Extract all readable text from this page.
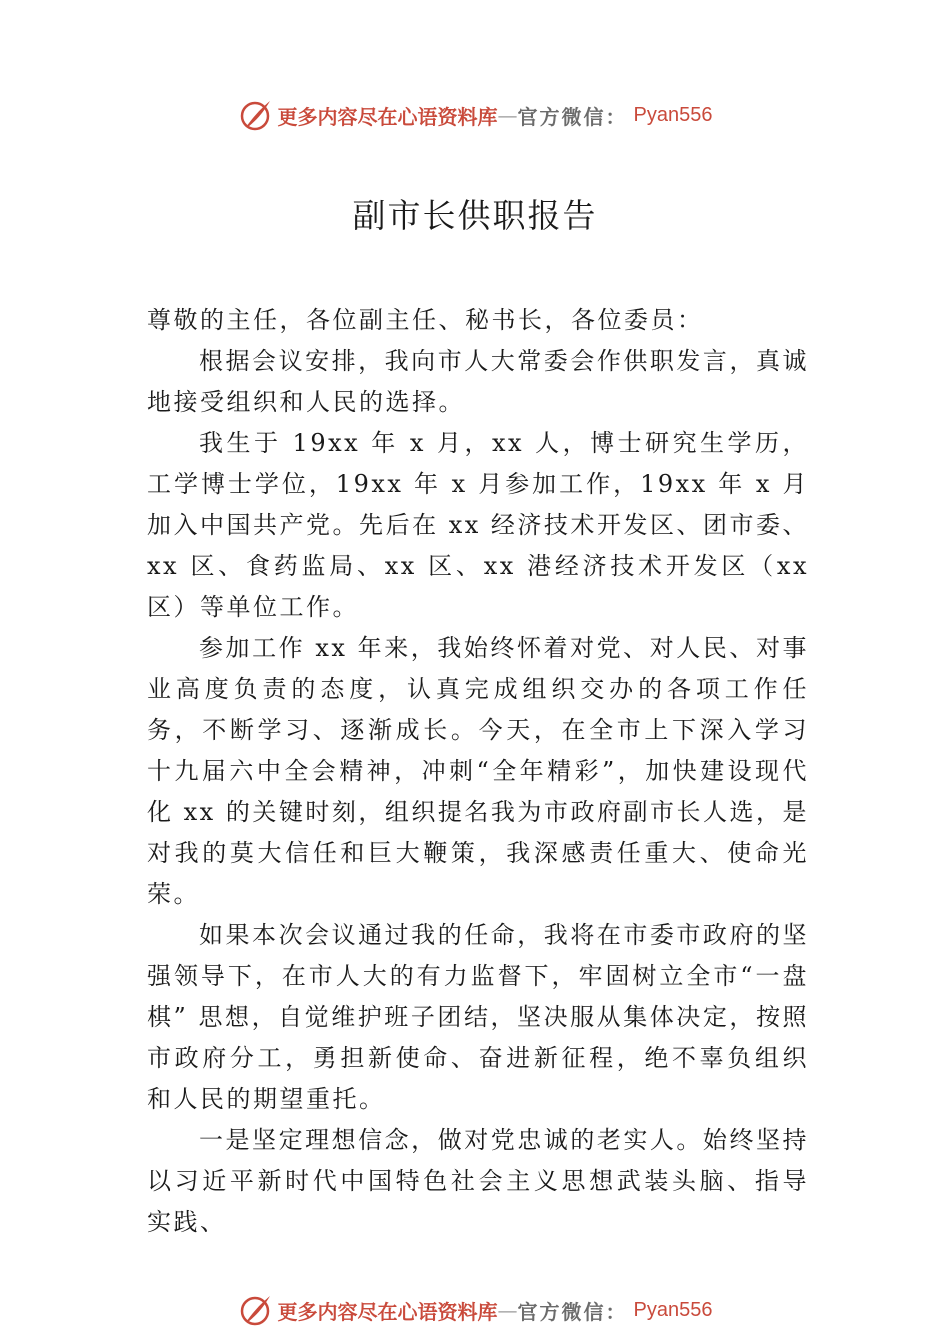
更多内容尽在心语资料库 — 官方微信： Pyan556
副市长供职报告

尊敬的主任，各位副主任、秘书长，各位委员：

根据会议安排，我向市人大常委会作供职发言，真诚地接受组织和人民的选择。

我生于 19xx 年 x 月，xx 人，博士研究生学历，工学博士学位，19xx 年 x 月参加工作，19xx 年 x 月加入中国共产党。先后在 xx 经济技术开发区、团市委、xx 区、食药监局、xx 区、xx 港经济技术开发区（xx 区）等单位工作。

参加工作 xx 年来，我始终怀着对党、对人民、对事业高度负责的态度，认真完成组织交办的各项工作任务，不断学习、逐渐成长。今天，在全市上下深入学习十九届六中全会精神，冲刺“全年精彩”，加快建设现代化 xx 的关键时刻，组织提名我为市政府副市长人选，是对我的莫大信任和巨大鞭策，我深感责任重大、使命光荣。

如果本次会议通过我的任命，我将在市委市政府的坚强领导下，在市人大的有力监督下，牢固树立全市“一盘棋” 思想，自觉维护班子团结，坚决服从集体决定，按照市政府分工，勇担新使命、奋进新征程，绝不辜负组织和人民的期望重托。

一是坚定理想信念，做对党忠诚的老实人。始终坚持以习近平新时代中国特色社会主义思想武装头脑、指导实践、

更多内容尽在心语资料库 — 官方微信： Pyan556
